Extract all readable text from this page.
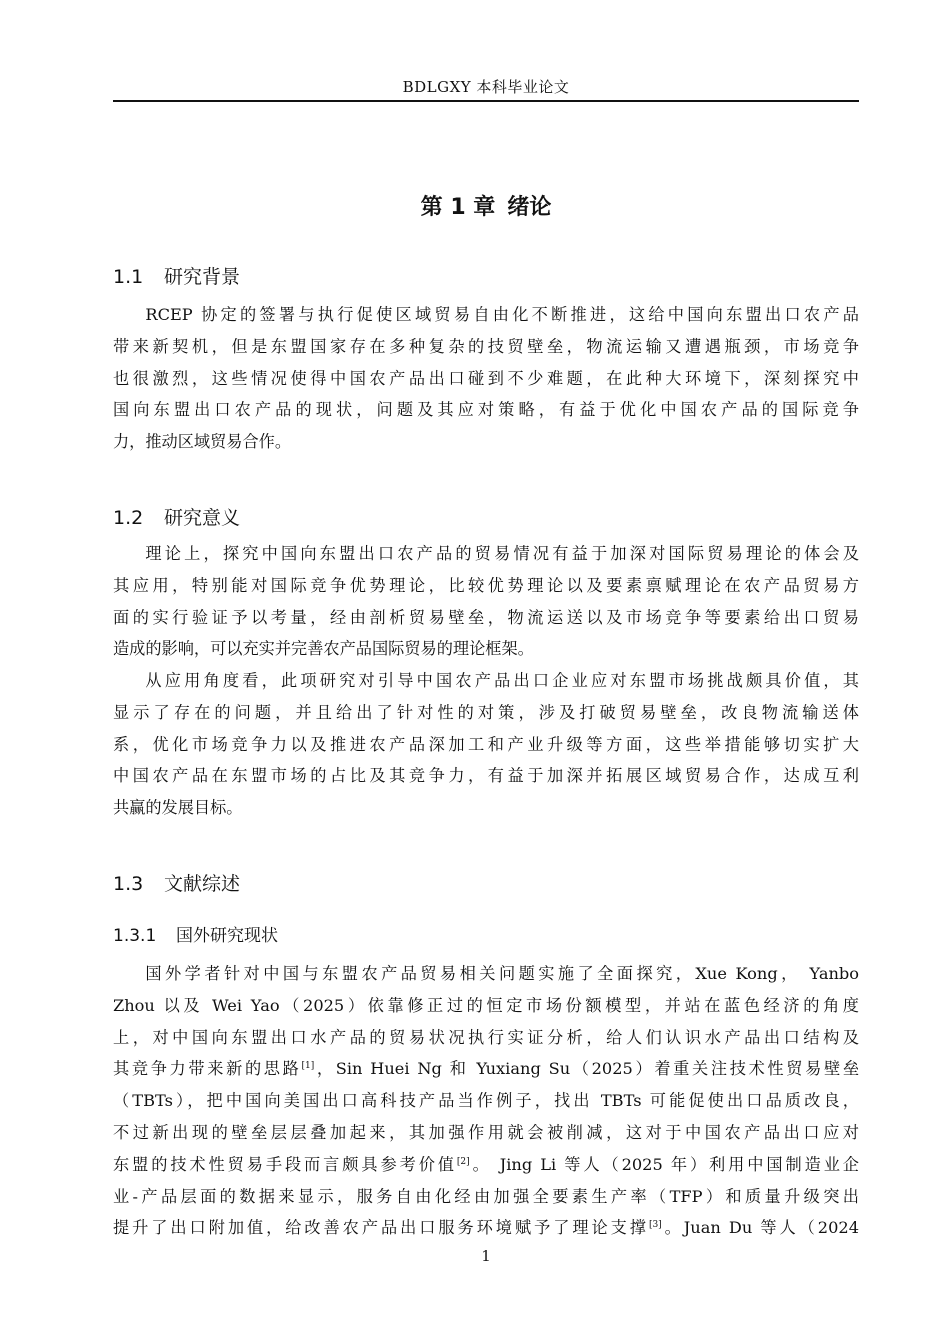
BDLGXY 本科毕业论文
第 1 章 绪论
1.1 研究背景
RCEP 协定的签署与执行促使区域贸易自由化不断推进，这给中国向东盟出口农产品
带来新契机，但是东盟国家存在多种复杂的技贸壁垒，物流运输又遭遇瓶颈，市场竞争
也很激烈，这些情况使得中国农产品出口碰到不少难题，在此种大环境下，深刻探究中
国向东盟出口农产品的现状，问题及其应对策略，有益于优化中国农产品的国际竞争
力，推动区域贸易合作。
1.2 研究意义
理论上，探究中国向东盟出口农产品的贸易情况有益于加深对国际贸易理论的体会及
其应用，特别能对国际竞争优势理论，比较优势理论以及要素禀赋理论在农产品贸易方
面的实行验证予以考量，经由剖析贸易壁垒，物流运送以及市场竞争等要素给出口贸易
造成的影响，可以充实并完善农产品国际贸易的理论框架。
从应用角度看，此项研究对引导中国农产品出口企业应对东盟市场挑战颇具价值，其
显示了存在的问题，并且给出了针对性的对策，涉及打破贸易壁垒，改良物流输送体
系，优化市场竞争力以及推进农产品深加工和产业升级等方面，这些举措能够切实扩大
中国农产品在东盟市场的占比及其竞争力，有益于加深并拓展区域贸易合作，达成互利
共赢的发展目标。
1.3 文献综述
1.3.1 国外研究现状
国外学者针对中国与东盟农产品贸易相关问题实施了全面探究，Xue Kong， Yanbo
Zhou 以及 Wei Yao（2025）依靠修正过的恒定市场份额模型，并站在蓝色经济的角度
上，对中国向东盟出口水产品的贸易状况执行实证分析，给人们认识水产品出口结构及
其竞争力带来新的思路[1]，Sin Huei Ng 和 Yuxiang Su（2025）着重关注技术性贸易壁垒
（TBTs），把中国向美国出口高科技产品当作例子，找出 TBTs 可能促使出口品质改良，
不过新出现的壁垒层层叠加起来，其加强作用就会被削减，这对于中国农产品出口应对
东盟的技术性贸易手段而言颇具参考价值[2]。 Jing Li 等人（2025 年）利用中国制造业企
业-产品层面的数据来显示，服务自由化经由加强全要素生产率（TFP）和质量升级突出
提升了出口附加值，给改善农产品出口服务环境赋予了理论支撑[3]。Juan Du 等人（2024
1
